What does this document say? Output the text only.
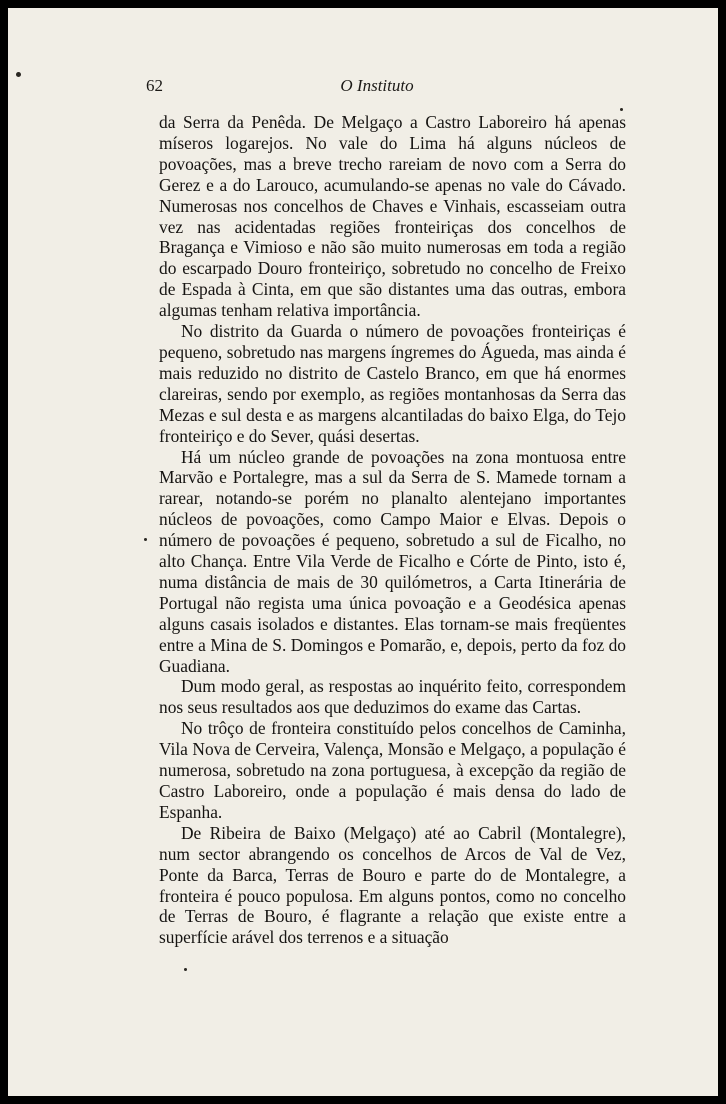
62	O Instituto

da Serra da Penêda. De Melgaço a Castro Laboreiro há apenas míseros logarejos. No vale do Lima há alguns núcleos de povoações, mas a breve trecho rareiam de novo com a Serra do Gerez e a do Larouco, acumulando-se apenas no vale do Cávado. Numerosas nos concelhos de Chaves e Vinhais, escasseiam outra vez nas acidentadas regiões fronteiriças dos concelhos de Bragança e Vimioso e não são muito numerosas em toda a região do escarpado Douro fronteiriço, sobretudo no concelho de Freixo de Espada à Cinta, em que são distantes uma das outras, embora algumas tenham relativa importância.

No distrito da Guarda o número de povoações fronteiriças é pequeno, sobretudo nas margens íngremes do Águeda, mas ainda é mais reduzido no distrito de Castelo Branco, em que há enormes clareiras, sendo por exemplo, as regiões montanhosas da Serra das Mezas e sul desta e as margens alcantiladas do baixo Elga, do Tejo fronteiriço e do Sever, quási desertas.

Há um núcleo grande de povoações na zona montuosa entre Marvão e Portalegre, mas a sul da Serra de S. Mamede tornam a rarear, notando-se porém no planalto alentejano importantes núcleos de povoações, como Campo Maior e Elvas. Depois o número de povoações é pequeno, sobretudo a sul de Ficalho, no alto Chança. Entre Vila Verde de Ficalho e Córte de Pinto, isto é, numa distância de mais de 30 quilómetros, a Carta Itinerária de Portugal não regista uma única povoação e a Geodésica apenas alguns casais isolados e distantes. Elas tornam-se mais freqüentes entre a Mina de S. Domingos e Pomarão, e, depois, perto da foz do Guadiana.

Dum modo geral, as respostas ao inquérito feito, correspondem nos seus resultados aos que deduzimos do exame das Cartas.

No trôço de fronteira constituído pelos concelhos de Caminha, Vila Nova de Cerveira, Valença, Monsão e Melgaço, a população é numerosa, sobretudo na zona portuguesa, à excepção da região de Castro Laboreiro, onde a população é mais densa do lado de Espanha.

De Ribeira de Baixo (Melgaço) até ao Cabril (Montalegre), num sector abrangendo os concelhos de Arcos de Val de Vez, Ponte da Barca, Terras de Bouro e parte do de Montalegre, a fronteira é pouco populosa. Em alguns pontos, como no concelho de Terras de Bouro, é flagrante a relação que existe entre a superfície arável dos terrenos e a situação
